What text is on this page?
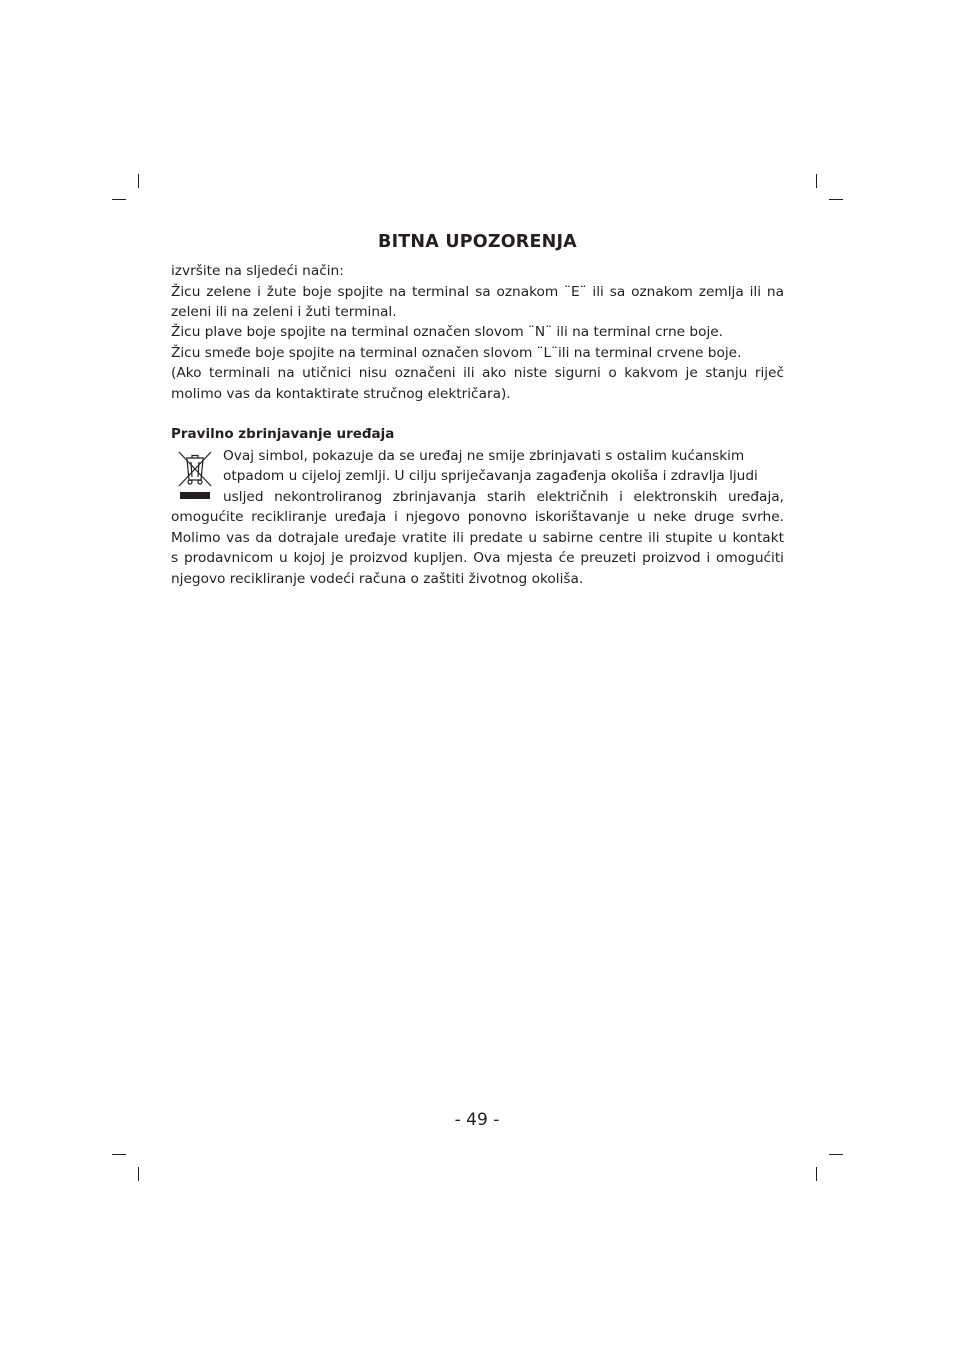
BITNA UPOZORENJA

izvršite na sljedeći način:

Žicu zelene i žute boje spojite na terminal sa oznakom ¨E¨ ili sa oznakom zemlja ili na

zeleni ili na zeleni i žuti terminal.

Žicu plave boje spojite na terminal označen slovom ¨N¨ ili na terminal crne boje.

Žicu smeđe boje spojite na terminal označen slovom ¨L¨ili na terminal crvene boje.

(Ako terminali na utičnici nisu označeni ili ako niste sigurni o kakvom je stanju riječ

molimo vas da kontaktirate stručnog električara).

Pravilno zbrinjavanje uređaja

Ovaj simbol, pokazuje da se uređaj ne smije zbrinjavati s ostalim kućanskim

otpadom u cijeloj zemlji. U cilju spriječavanja zagađenja okoliša i zdravlja ljudi

usljed nekontroliranog zbrinjavanja starih električnih i elektronskih uređaja,

omogućite recikliranje uređaja i njegovo ponovno iskorištavanje u neke druge svrhe.

Molimo vas da dotrajale uređaje vratite ili predate u sabirne centre ili stupite u kontakt

s prodavnicom u kojoj je proizvod kupljen. Ova mjesta će preuzeti proizvod i omogućiti

njegovo recikliranje vodeći računa o zaštiti životnog okoliša.

- 49 -
